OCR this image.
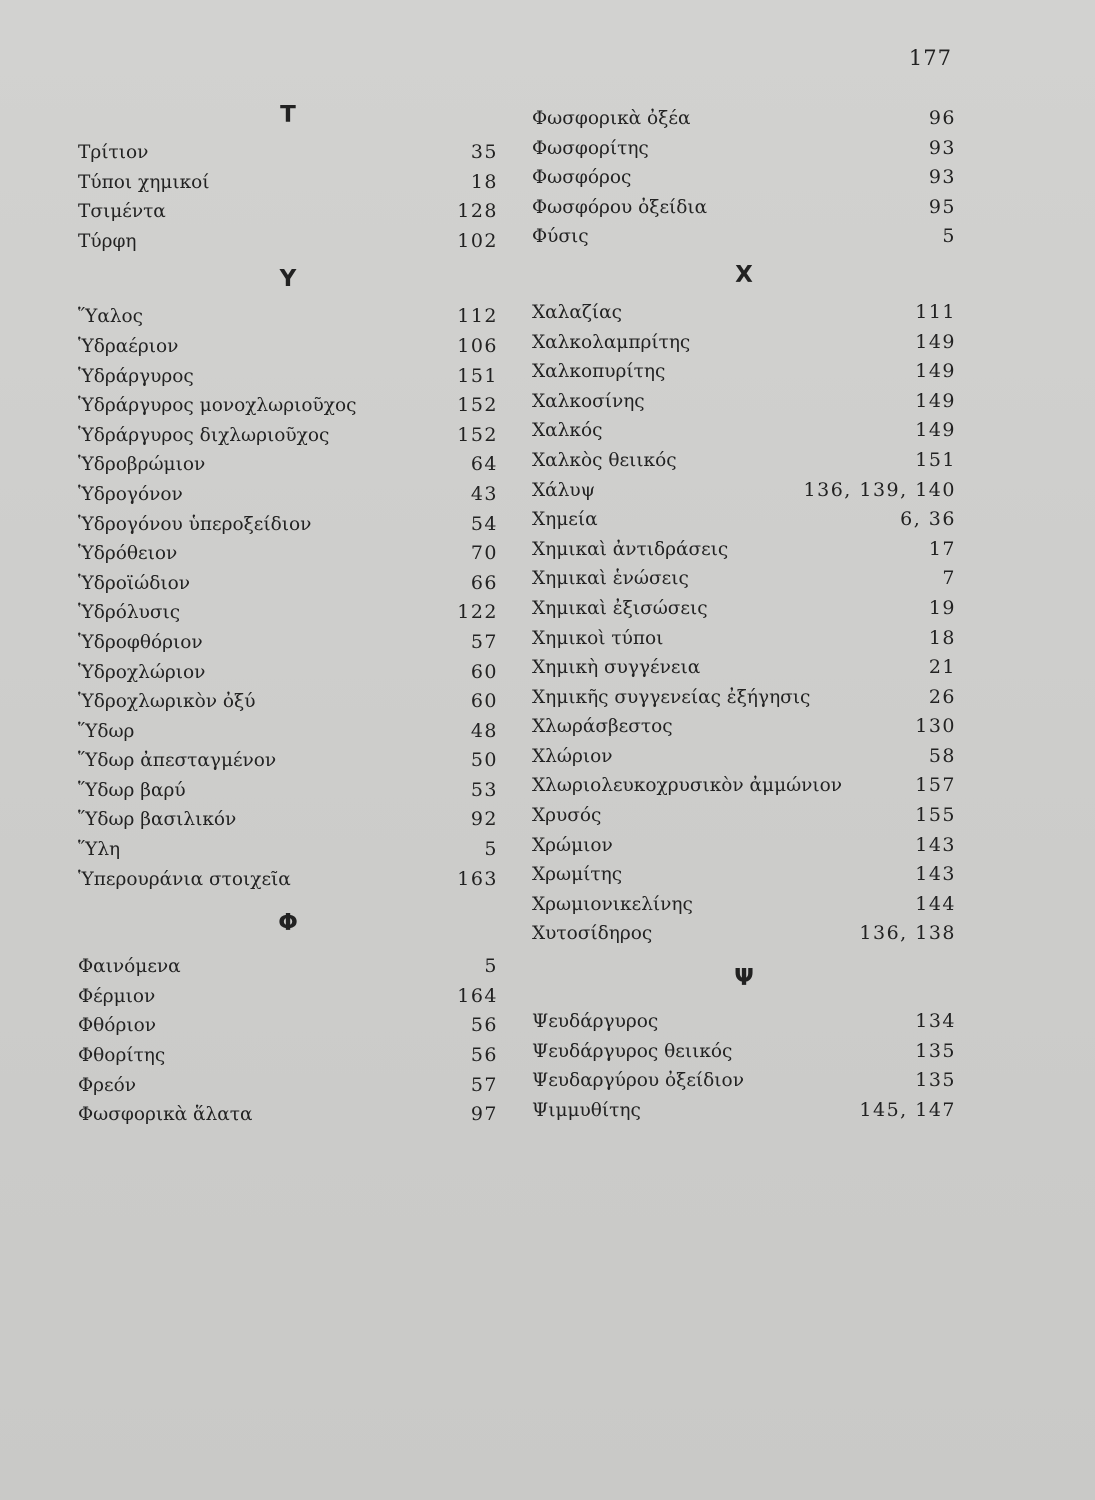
177
Τ
Τρίτιον	35
Τύποι χημικοί	18
Τσιμέντα	128
Τύρφη	102
Υ
Ὕαλος	112
Ὑδραέριον	106
Ὑδράργυρος	151
Ὑδράργυρος μονοχλωριοῦχος	152
Ὑδράργυρος διχλωριοῦχος	152
Ὑδροβρώμιον	64
Ὑδρογόνον	43
Ὑδρογόνου ὑπεροξείδιον	54
Ὑδρόθειον	70
Ὑδροϊώδιον	66
Ὑδρόλυσις	122
Ὑδροφθόριον	57
Ὑδροχλώριον	60
Ὑδροχλωρικὸν ὀξύ	60
Ὕδωρ	48
Ὕδωρ ἀπεσταγμένον	50
Ὕδωρ βαρύ	53
Ὕδωρ βασιλικόν	92
Ὕλη	5
Ὑπερουράνια στοιχεῖα	163
Φ
Φαινόμενα	5
Φέρμιον	164
Φθόριον	56
Φθορίτης	56
Φρεόν	57
Φωσφορικὰ ἅλατα	97
Φωσφορικὰ ὀξέα	96
Φωσφορίτης	93
Φωσφόρος	93
Φωσφόρου ὀξείδια	95
Φύσις	5
Χ
Χαλαζίας	111
Χαλκολαμπρίτης	149
Χαλκοπυρίτης	149
Χαλκοσίνης	149
Χαλκός	149
Χαλκὸς θειικός	151
Χάλυψ	136, 139, 140
Χημεία	6, 36
Χημικαὶ ἀντιδράσεις	17
Χημικαὶ ἑνώσεις	7
Χημικαὶ ἐξισώσεις	19
Χημικοὶ τύποι	18
Χημικὴ συγγένεια	21
Χημικῆς συγγενείας ἐξήγησις	26
Χλωράσβεστος	130
Χλώριον	58
Χλωριολευκοχρυσικὸν ἀμμώνιον	157
Χρυσός	155
Χρώμιον	143
Χρωμίτης	143
Χρωμιονικελίνης	144
Χυτοσίδηρος	136, 138
Ψ
Ψευδάργυρος	134
Ψευδάργυρος θειικός	135
Ψευδαργύρου ὀξείδιον	135
Ψιμμυθίτης	145, 147
